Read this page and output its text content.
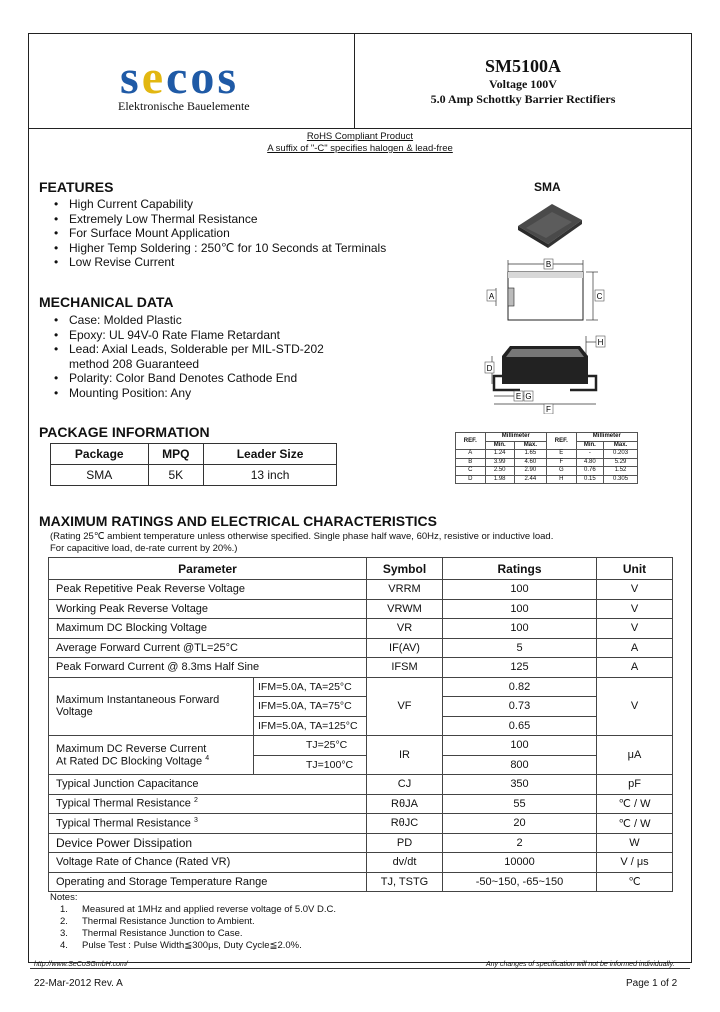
secos
Elektronische Bauelemente
SM5100A
Voltage 100V
5.0 Amp Schottky Barrier Rectifiers
RoHS Compliant Product
A suffix of "-C" specifies halogen & lead-free
FEATURES
• High Current Capability
• Extremely Low Thermal Resistance
• For Surface Mount Application
• Higher Temp Soldering : 250℃ for 10 Seconds at Terminals
• Low Revise Current
MECHANICAL DATA
• Case: Molded Plastic
• Epoxy: UL 94V-0 Rate Flame Retardant
• Lead: Axial Leads, Solderable per MIL-STD-202
method 208 Guaranteed
• Polarity: Color Band Denotes Cathode End
• Mounting Position: Any
PACKAGE INFORMATION
Package	MPQ	Leader Size
SMA	5K	13 inch
SMA
B
A	C
H
D
E G
F
REF.	Millimeter		REF.	Millimeter	
	Min.	Max.		Min.	Max.
A	1.24	1.65	E	-	0.203
B	3.99	4.60	F	4.80	5.29
C	2.50	2.90	G	0.76	1.52
D	1.98	2.44	H	0.15	0.305
MAXIMUM RATINGS AND ELECTRICAL CHARACTERISTICS
(Rating 25℃ ambient temperature unless otherwise specified. Single phase half wave, 60Hz, resistive or inductive load.
For capacitive load, de-rate current by 20%.)
Parameter		Symbol	Ratings	Unit
Peak Repetitive Peak Reverse Voltage		VRRM	100	V
Working Peak Reverse Voltage		VRWM	100	V
Maximum DC Blocking Voltage		VR	100	V
Average Forward Current @TL=25°C		IF(AV)	5	A
Peak Forward Current @ 8.3ms Half Sine		IFSM	125	A
Maximum Instantaneous Forward
Voltage	IFM=5.0A, TA=25°C	VF	0.82	V
	IFM=5.0A, TA=75°C		0.73	
	IFM=5.0A, TA=125°C		0.65	
Maximum DC Reverse Current
At Rated DC Blocking Voltage $^4$	TJ=25°C	IR	100	μA
	TJ=100°C		800	
Typical Junction Capacitance		CJ	350	pF
Typical Thermal Resistance $^2$		RθJA	55	℃ / W
Typical Thermal Resistance $^3$		RθJC	20	℃ / W
Device Power Dissipation		PD	2	W
Voltage Rate of Chance (Rated VR)		dv/dt	10000	V / μs
Operating and Storage Temperature Range		TJ, TSTG	-50~150, -65~150	℃
Notes:
1. Measured at 1MHz and applied reverse voltage of 5.0V D.C.
2. Thermal Resistance Junction to Ambient.
3. Thermal Resistance Junction to Case.
4. Pulse Test : Pulse Width≦300μs, Duty Cycle≦2.0%.
http://www.SeCoSGmbH.com/	Any changes of specification will not be informed individually.
22-Mar-2012 Rev. A	Page 1 of 2
